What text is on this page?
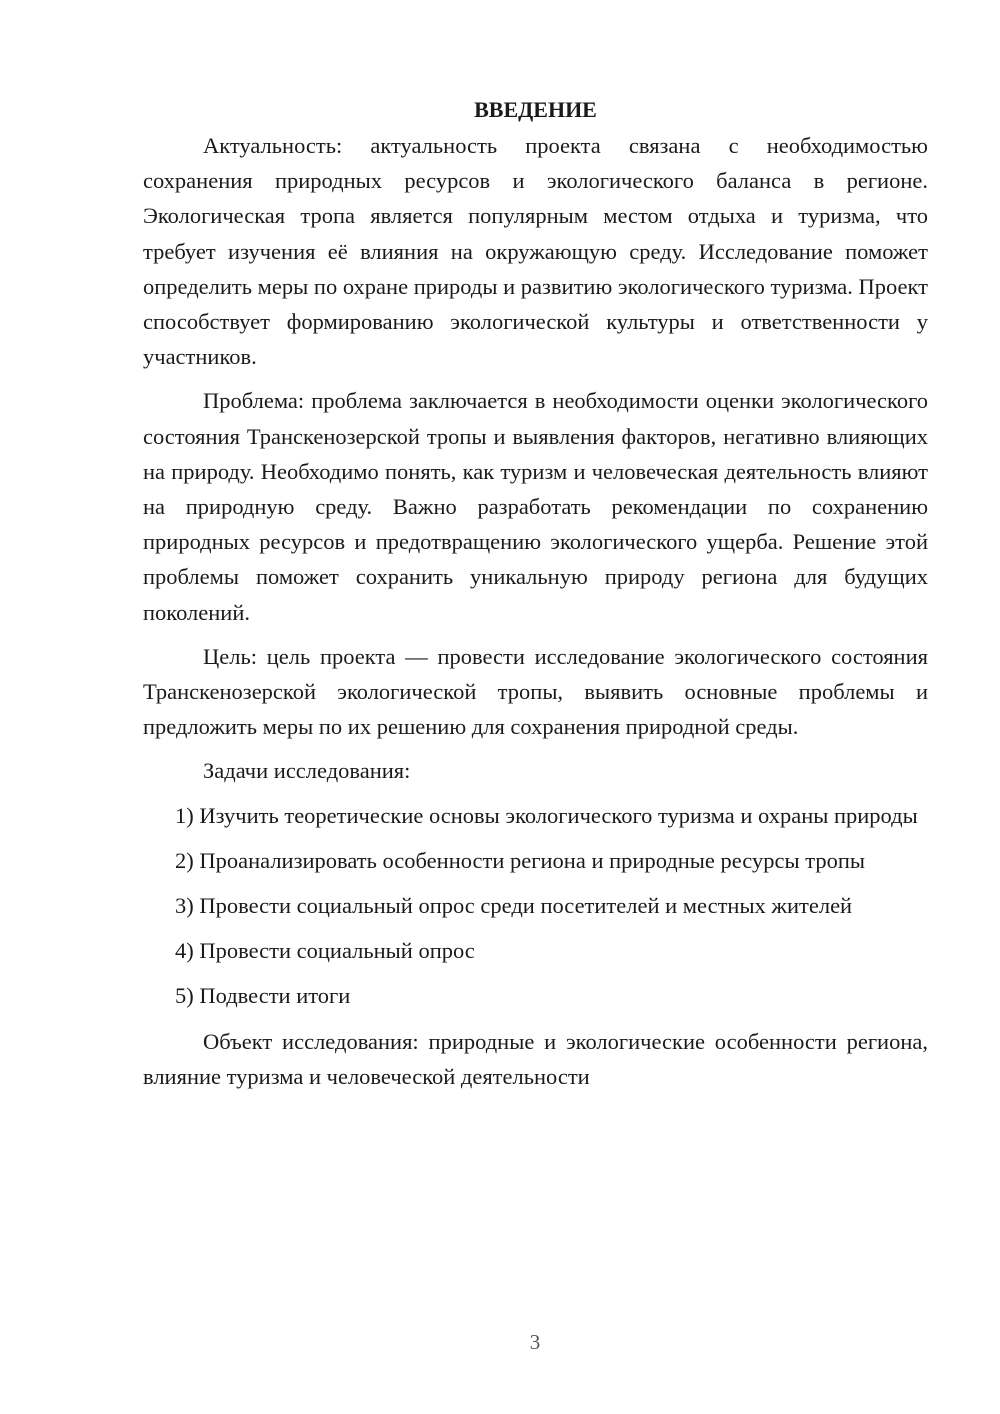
ВВЕДЕНИЕ

Актуальность: актуальность проекта связана с необходимостью сохранения природных ресурсов и экологического баланса в регионе. Экологическая тропа является популярным местом отдыха и туризма, что требует изучения её влияния на окружающую среду. Исследование поможет определить меры по охране природы и развитию экологического туризма. Проект способствует формированию экологической культуры и ответственности у участников.

Проблема: проблема заключается в необходимости оценки экологического состояния Транскенозерской тропы и выявления факторов, негативно влияющих на природу. Необходимо понять, как туризм и человеческая деятельность влияют на природную среду. Важно разработать рекомендации по сохранению природных ресурсов и предотвращению экологического ущерба. Решение этой проблемы поможет сохранить уникальную природу региона для будущих поколений.

Цель: цель проекта — провести исследование экологического состояния Транскенозерской экологической тропы, выявить основные проблемы и предложить меры по их решению для сохранения природной среды.

Задачи исследования:

1) Изучить теоретические основы экологического туризма и охраны природы

2) Проанализировать особенности региона и природные ресурсы тропы

3) Провести социальный опрос среди посетителей и местных жителей

4) Провести социальный опрос

5) Подвести итоги

Объект исследования: природные и экологические особенности региона, влияние туризма и человеческой деятельности

3
